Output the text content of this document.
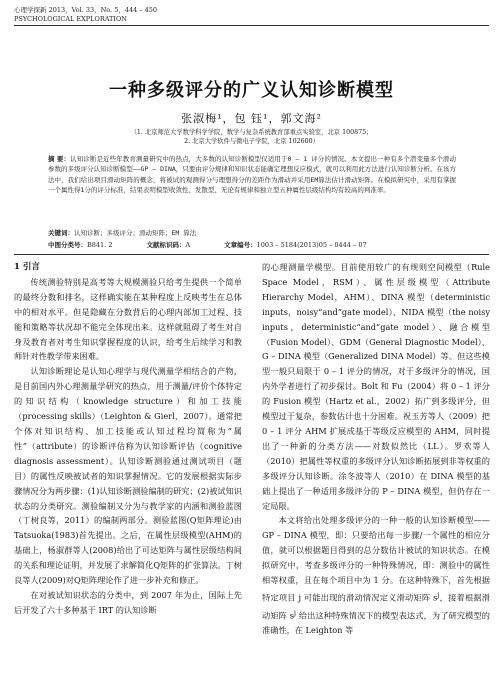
心理学探新 2013，Vol. 33，No. 5，444 – 450
PSYCHOLOGICAL EXPLORATION
一种多级评分的广义认知诊断模型
张淑梅¹，包 钰¹，郭文海²
（1. 北京师范大学数学科学学院，数学与复杂系统教育部重点实验室，北京 100875；
2. 北京大学软件与微电子学院，北京 102600）
摘 要：认知诊断是近些年教育测量研究中的热点，大多数的认知诊断模型仅适用于0 – 1 评分的情况。本文提出一种有多个潜变量多个滑动参数的多级评分认知诊断模型——GP – DINA，只要由评分规律和知识状态能确定理想反应模式，就可以利用此方法进行认知诊断分析。在该方法中，我们给出项目滑动矩阵的概念，将被试的观测得分与理想得分的差距作为滑动并采用EM算法估计滑动矩阵。在模拟研究中，采用有掌握一个属性得1分的评分标准，结果表明模型收敛性、发散型、无论有规律和独立型五种属性层级结构均有较高的判准率。
关键词：认知诊断；多级评分；滑动矩阵；EM 算法
中图分类号：B841. 2	文献标识码：A	文章编号：1003 – 5184(2013)05 – 0444 – 07
1 引言

传统测验特别是高考等大规模测验只给考生提供一个简单的最终分数和排名，这样确实能在某种程度上反映考生在总体中的相对水平。但是隐藏在分数背后的心理内部加工过程、技能和策略等状况却不能完全体现出来。这样就阻碍了考生对自身及教育者对考生知识掌握程度的认识，给考生后续学习和教师针对性教学带来困难。

认知诊断理论是认知心理学与现代测量学相结合的产物，是目前国内外心理测量学研究的热点，用于测量/评价个体特定的知识结构（knowledge structure）和加工技能（processing skills）（Leighton & Gierl，2007）。通常把个体对知识结构、加工技能或认知过程均简称为“属性”（attribute）的诊断评估称为认知诊断评估（cognitive diagnosis assessment）。认知诊断测验通过测试项目（题目）的属性反映被试者的知识掌握情况。它的发展根据实际步骤情况分为两步骤：(1)认知诊断测验编制的研究；(2)被试知识状态的分类研究。测验编制又分为与教学家的内涵和测验蓝图（丁树良等，2011）的编制两部分。测验蓝图(Q矩阵理论)由Tatsuoka(1983)首先提出。之后，在属性层级模型(AHM)的基础上，杨淑群等人(2008)给出了可达矩阵与属性层级结构间的关系和理论证明，并发展了求解简化Q矩阵的扩张算法。丁树良等人(2009)对Q矩阵理论作了进一步补充和修正。

在对被试知识状态的分类中，到 2007 年为止，国际上先后开发了六十多种基于 IRT 的认知诊断

的心理测量学模型。目前使用较广的有规则空间模型（Rule Space Model，RSM）、属性层级模型（Attribute Hierarchy Model，AHM）、DINA 模型（deterministic inputs，noisy“and”gate model）、NIDA 模型（the noisy inputs，deterministic“and”gate model）、融合模型（Fusion Model）、GDM（General Diagnostic Model）、G – DINA 模型（Generalized DINA Model）等。但这些模型一般只局限于 0 – 1 评分的情况，对于多级评分的情况，国内外学者进行了初步探讨。Bolt 和 Fu（2004）将 0 – 1 评分的 Fusion 模型（Hartz et al.，2002）拓广到多级评分，但模型过于复杂，参数估计也十分困难。祝玉芳等人（2009）把 0 – 1 评分 AHM 扩展成基于等级反应模型的 AHM，同时提出了一种新的分类方法——对数似然比（LL）。罗欢等人（2010）把属性等权重的多级评分认知诊断拓展到非等权重的多级评分认知诊断。涂冬波等人（2010）在 DINA 模型的基础上提出了一种适用多级评分的 P – DINA 模型，但仍存在一定局限。

本文将给出处理多级评分的一种一般的认知诊断模型——GP – DINA 模型，即：只要给出每一步骤/一个属性的相应分值，就可以根据题目得到的总分数估计被试的知识状态。在模拟研究中，考查多级评分的一种特殊情况，即：测验中的属性相等权重，且在每个项目中为 1 分。在这种特殊下，首先根据特定项目 j 可能出现的滑动情况定义滑动矩阵 $s^j$，接着根据滑动矩阵 $s^j$ 给出这种特殊情况下的模型表达式，为了研究模型的准确性，在 Leighton 等
